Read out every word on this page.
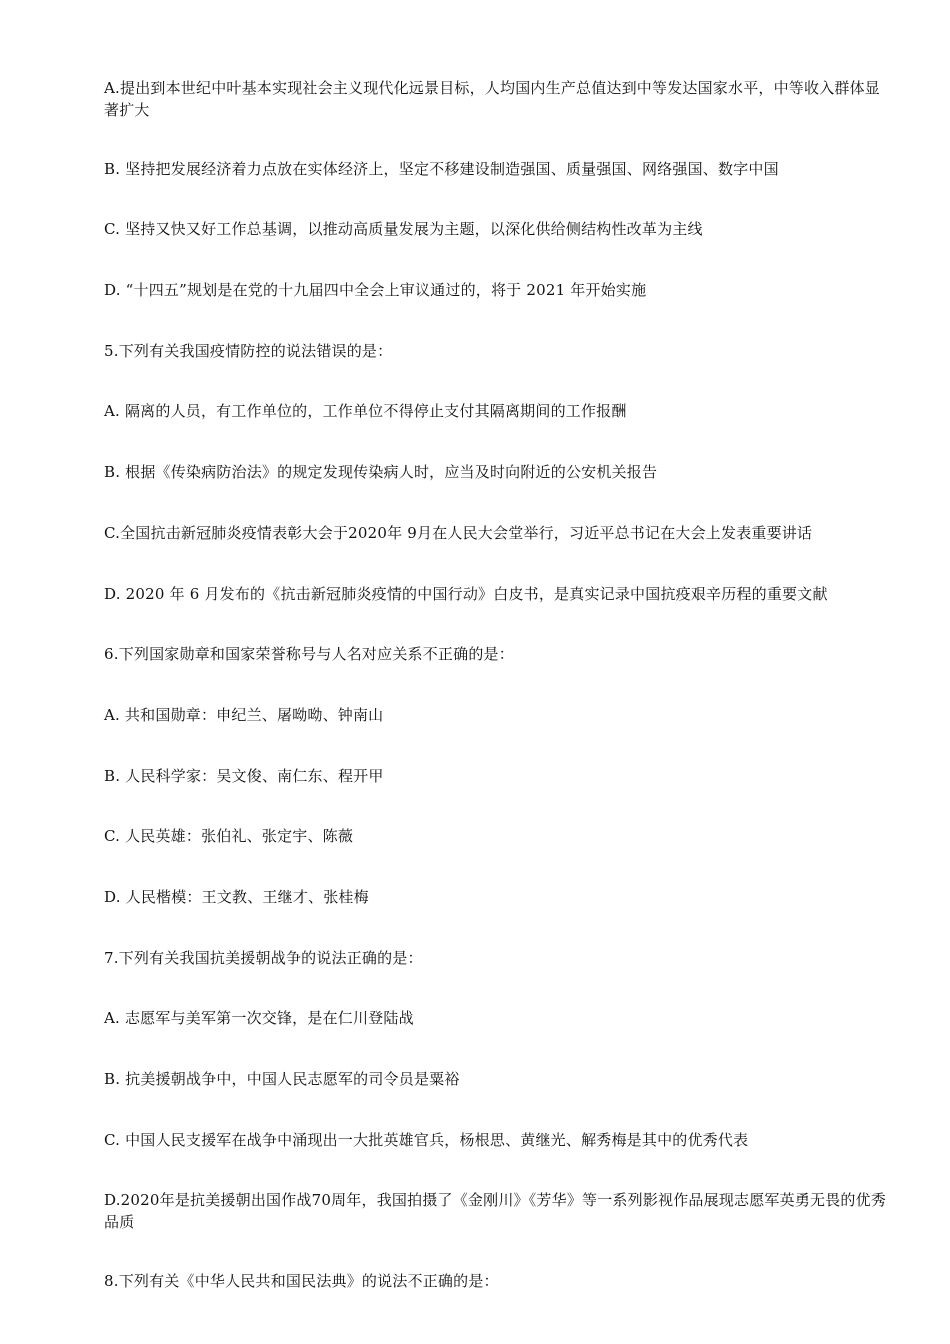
A.提出到本世纪中叶基本实现社会主义现代化远景目标，人均国内生产总值达到中等发达国家水平，中等收入群体显著扩大

B. 坚持把发展经济着力点放在实体经济上，坚定不移建设制造强国、质量强国、网络强国、数字中国

C. 坚持又快又好工作总基调，以推动高质量发展为主题，以深化供给侧结构性改革为主线

D. “十四五”规划是在党的十九届四中全会上审议通过的，将于 2021 年开始实施

5.下列有关我国疫情防控的说法错误的是：

A. 隔离的人员，有工作单位的，工作单位不得停止支付其隔离期间的工作报酬

B. 根据《传染病防治法》的规定发现传染病人时，应当及时向附近的公安机关报告

C.全国抗击新冠肺炎疫情表彰大会于2020年 9月在人民大会堂举行，习近平总书记在大会上发表重要讲话

D. 2020 年 6 月发布的《抗击新冠肺炎疫情的中国行动》白皮书，是真实记录中国抗疫艰辛历程的重要文献

6.下列国家勋章和国家荣誉称号与人名对应关系不正确的是：

A. 共和国勋章：申纪兰、屠呦呦、钟南山

B. 人民科学家：吴文俊、南仁东、程开甲

C. 人民英雄：张伯礼、张定宇、陈薇

D. 人民楷模：王文教、王继才、张桂梅

7.下列有关我国抗美援朝战争的说法正确的是：

A. 志愿军与美军第一次交锋，是在仁川登陆战

B. 抗美援朝战争中，中国人民志愿军的司令员是粟裕

C. 中国人民支援军在战争中涌现出一大批英雄官兵，杨根思、黄继光、解秀梅是其中的优秀代表

D.2020年是抗美援朝出国作战70周年，我国拍摄了《金刚川》《芳华》等一系列影视作品展现志愿军英勇无畏的优秀品质

8.下列有关《中华人民共和国民法典》的说法不正确的是：
